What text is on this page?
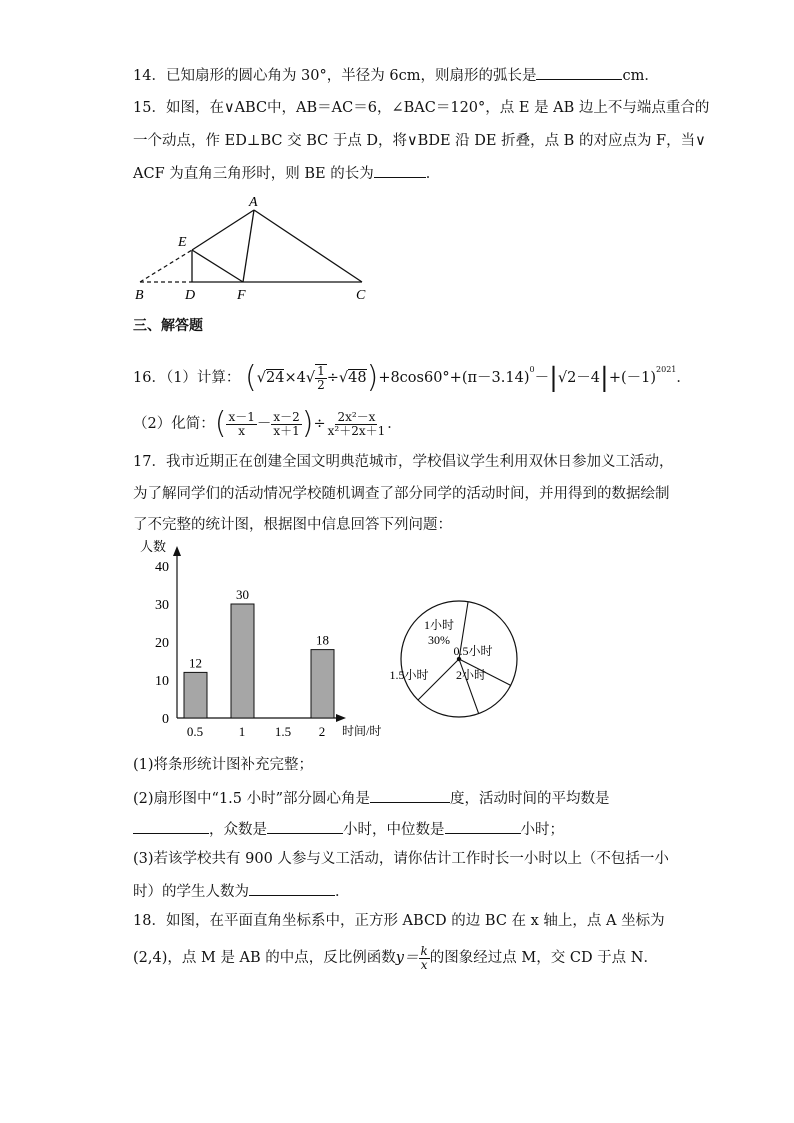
14．已知扇形的圆心角为 30°，半径为 6cm，则扇形的弧长是	cm．
15．如图，在∨ABC中，AB＝AC＝6，∠BAC＝120°，点 E 是 AB 边上不与端点重合的
一个动点，作 ED⊥BC 交 BC 于点 D，将∨BDE 沿 DE 折叠，点 B 的对应点为 F，当∨
ACF 为直角三角形时，则 BE 的长为	．
A
E
B	D	F	C
三、解答题
16．（1）计算： $(√24\times 4√ \frac{1}{2} \div√48)+8\cos 60^\circ+(\pi-3.14)^0-|√2-4|+(-1)^{2021}$．
（2）化简：( $\frac{x-1}{x} - \frac{x-2}{x+1}$ )÷ $\frac{\text{2x²－x}}{\text{x²＋2x＋1}}$ ．
17．我市近期正在创建全国文明典范城市，学校倡议学生利用双休日参加义工活动，
为了解同学们的活动情况学校随机调查了部分同学的活动时间，并用得到的数据绘制
了不完整的统计图，根据图中信息回答下列问题：
人数
时间/时
0
10
20
30
40
0.5
12
1
30
1.5 2
18
1小时
30%
0.5小时
2小时
1.5小时
(1)将条形统计图补充完整；
(2)扇形图中“1.5 小时”部分圆心角是	度，活动时间的平均数是
，众数是	小时，中位数是	小时；
(3)若该学校共有 900 人参与义工活动，请你估计工作时长一小时以上（不包括一小
时）的学生人数为	．
18．如图，在平面直角坐标系中，正方形 ABCD 的边 BC 在 x 轴上，点 A 坐标为
(2,4)，点 M 是 AB 的中点，反比例函数$y= \frac{k}{x}$ 的图象经过点 M，交 CD 于点 N．
